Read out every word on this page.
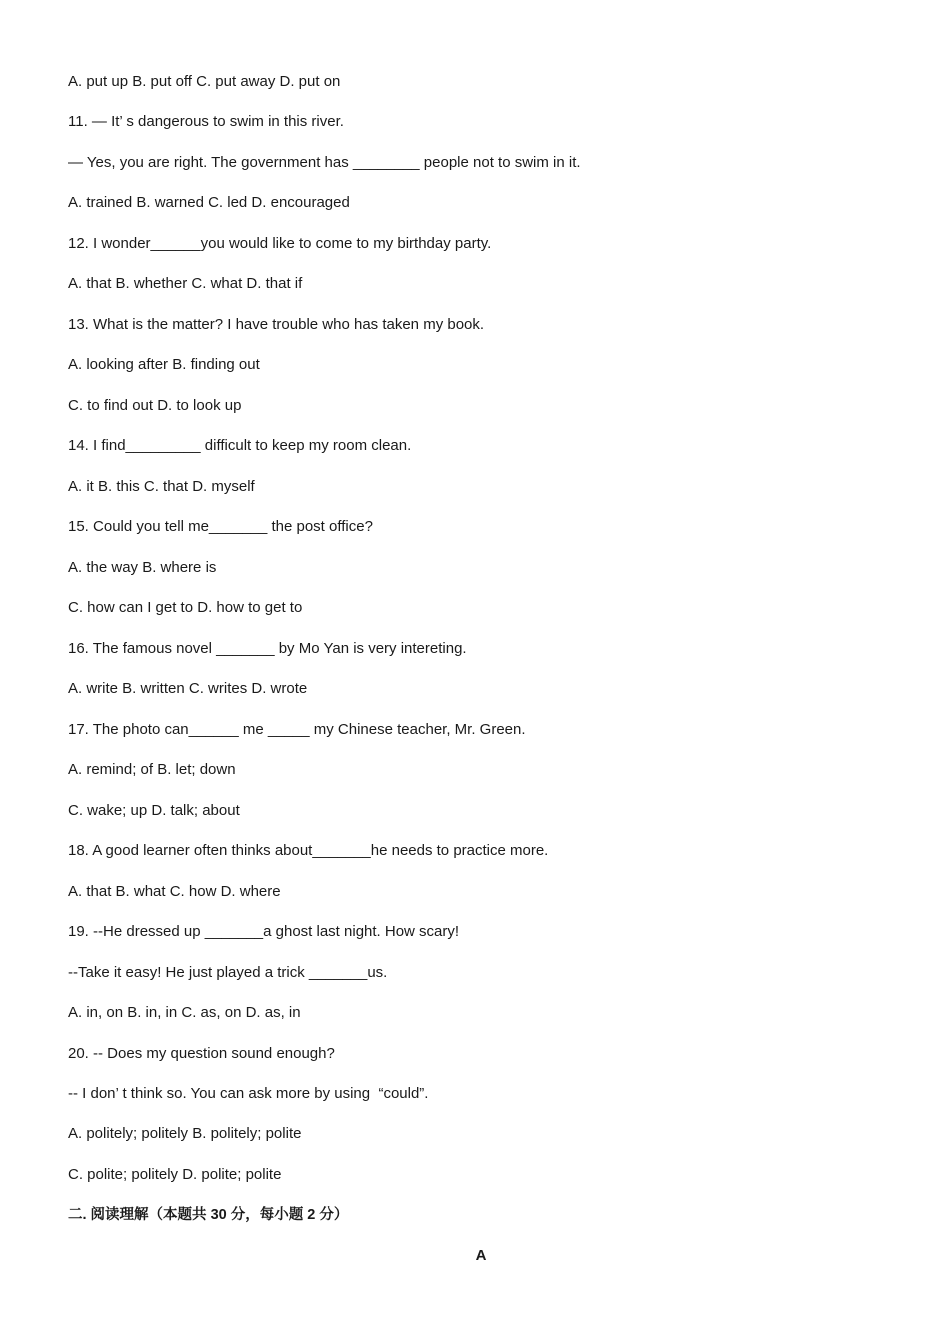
A. put up B. put off C. put away D. put on
11. — It’ s dangerous to swim in this river.
— Yes, you are right. The government has ________ people not to swim in it.
A. trained B. warned C. led D. encouraged
12. I wonder______you would like to come to my birthday party.
A. that B. whether C. what D. that if
13. What is the matter? I have trouble who has taken my book.
A. looking after B. finding out
C. to find out D. to look up
14. I find_________ difficult to keep my room clean.
A. it B. this C. that D. myself
15. Could you tell me_______ the post office?
A. the way B. where is
C. how can I get to D. how to get to
16. The famous novel _______ by Mo Yan is very intereting.
A. write B. written C. writes D. wrote
17. The photo can______ me _____ my Chinese teacher, Mr. Green.
A. remind; of B. let; down
C. wake; up D. talk; about
18. A good learner often thinks about_______he needs to practice more.
A. that B. what C. how D. where
19. --He dressed up _______a ghost last night. How scary!
--Take it easy! He just played a trick _______us.
A. in, on B. in, in C. as, on D. as, in
20. -- Does my question sound enough?
-- I don’ t think so. You can ask more by using  “could”.
A. politely; politely B. politely; polite
C. polite; politely D. polite; polite
二. 阅读理解（本题共 30 分，每小题 2 分）
A
